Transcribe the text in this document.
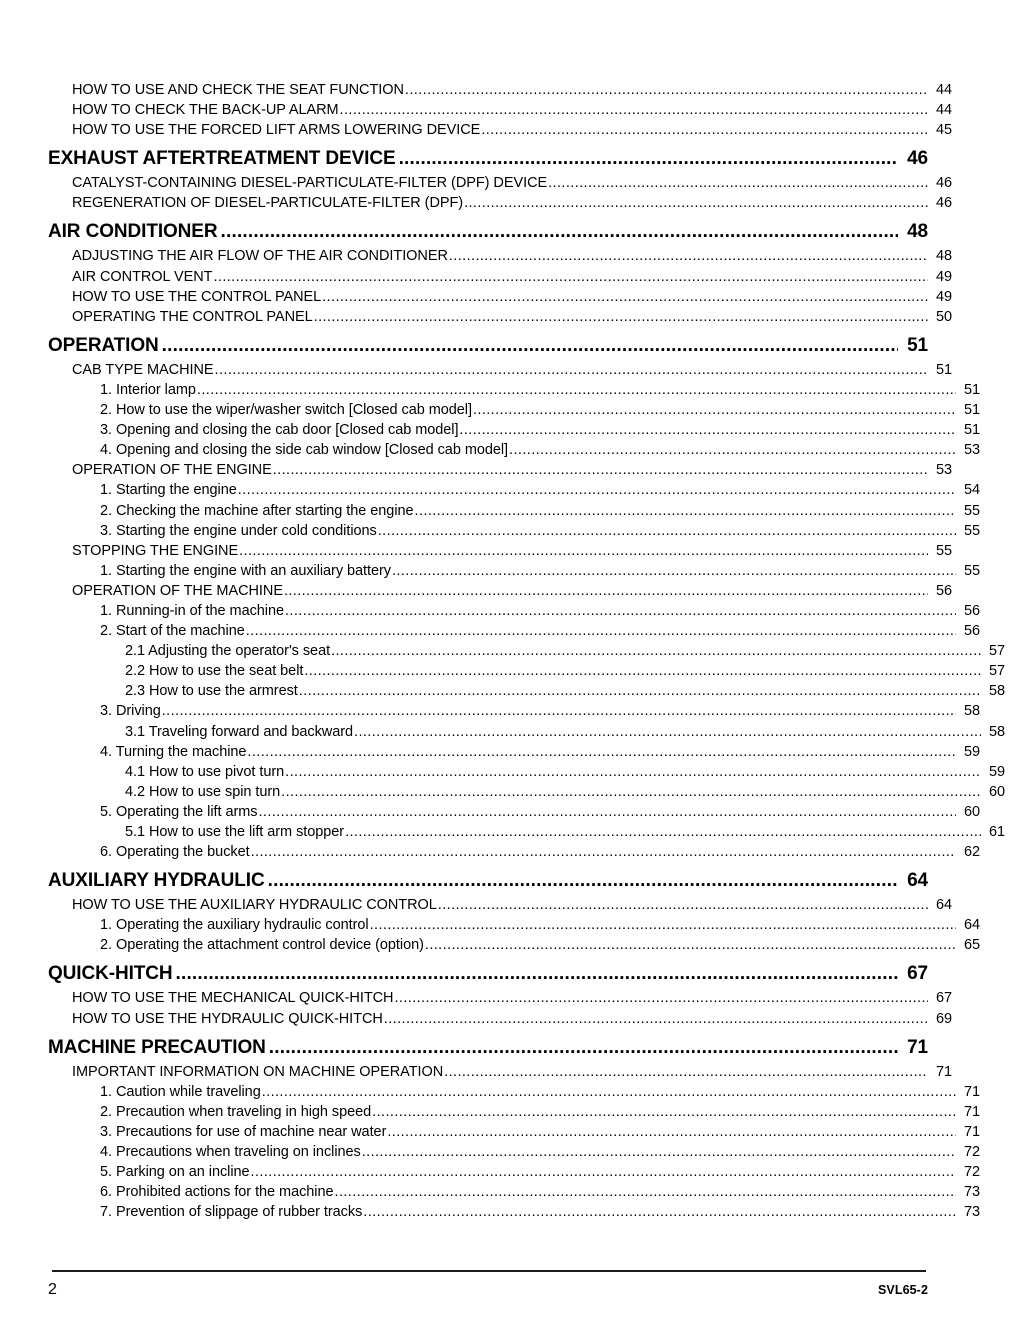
HOW TO USE AND CHECK THE SEAT FUNCTION .....	44
HOW TO CHECK THE BACK-UP ALARM .....	44
HOW TO USE THE FORCED LIFT ARMS LOWERING DEVICE .....	45
EXHAUST AFTERTREATMENT DEVICE .....	46
CATALYST-CONTAINING DIESEL-PARTICULATE-FILTER (DPF) DEVICE .....	46
REGENERATION OF DIESEL-PARTICULATE-FILTER (DPF) .....	46
AIR CONDITIONER .....	48
ADJUSTING THE AIR FLOW OF THE AIR CONDITIONER .....	48
AIR CONTROL VENT .....	49
HOW TO USE THE CONTROL PANEL .....	49
OPERATING THE CONTROL PANEL .....	50
OPERATION .....	51
CAB TYPE MACHINE .....	51
1. Interior lamp .....	51
2. How to use the wiper/washer switch [Closed cab model] .....	51
3. Opening and closing the cab door [Closed cab model] .....	51
4. Opening and closing the side cab window [Closed cab model] .....	53
OPERATION OF THE ENGINE .....	53
1. Starting the engine .....	54
2. Checking the machine after starting the engine .....	55
3. Starting the engine under cold conditions .....	55
STOPPING THE ENGINE .....	55
1. Starting the engine with an auxiliary battery .....	55
OPERATION OF THE MACHINE .....	56
1. Running-in of the machine .....	56
2. Start of the machine .....	56
2.1 Adjusting the operator's seat .....	57
2.2 How to use the seat belt .....	57
2.3 How to use the armrest .....	58
3. Driving .....	58
3.1 Traveling forward and backward .....	58
4. Turning the machine .....	59
4.1 How to use pivot turn .....	59
4.2 How to use spin turn .....	60
5. Operating the lift arms .....	60
5.1 How to use the lift arm stopper .....	61
6. Operating the bucket .....	62
AUXILIARY HYDRAULIC .....	64
HOW TO USE THE AUXILIARY HYDRAULIC CONTROL .....	64
1. Operating the auxiliary hydraulic control .....	64
2. Operating the attachment control device (option) .....	65
QUICK-HITCH .....	67
HOW TO USE THE MECHANICAL QUICK-HITCH .....	67
HOW TO USE THE HYDRAULIC QUICK-HITCH .....	69
MACHINE PRECAUTION .....	71
IMPORTANT INFORMATION ON MACHINE OPERATION .....	71
1. Caution while traveling .....	71
2. Precaution when traveling in high speed .....	71
3. Precautions for use of machine near water .....	71
4. Precautions when traveling on inclines .....	72
5. Parking on an incline .....	72
6. Prohibited actions for the machine .....	73
7. Prevention of slippage of rubber tracks .....	73
2	SVL65-2
